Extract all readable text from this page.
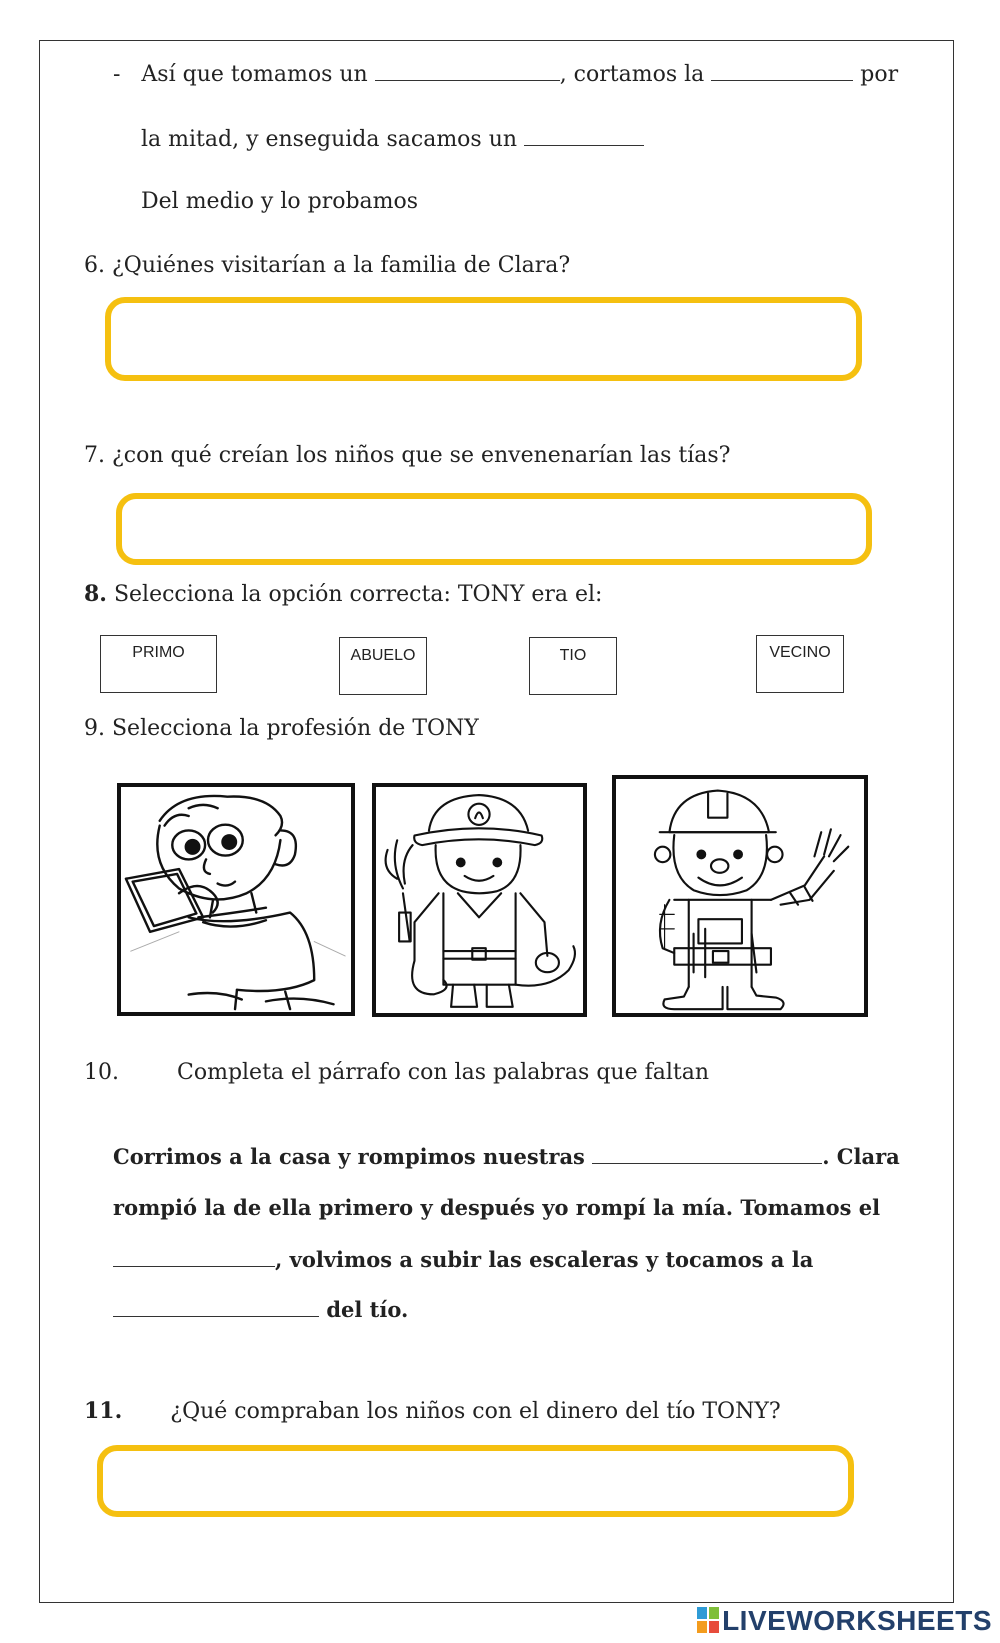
- Así que tomamos un	, cortamos la	por
la mitad, y enseguida sacamos un
Del medio y lo probamos
6. ¿Quiénes visitarían a la familia de Clara?
7. ¿con qué creían los niños que se envenenarían las tías?
8. Selecciona la opción correcta: TONY era el:
PRIMO	ABUELO	TIO	VECINO
9. Selecciona la profesión de TONY
10.	Completa el párrafo con las palabras que faltan
Corrimos a la casa y rompimos nuestras	. Clara
rompió la de ella primero y después yo rompí la mía. Tomamos el
, volvimos a subir las escaleras y tocamos a la
del tío.
11. ¿Qué compraban los niños con el dinero del tío TONY?
LIVEWORKSHEETS
